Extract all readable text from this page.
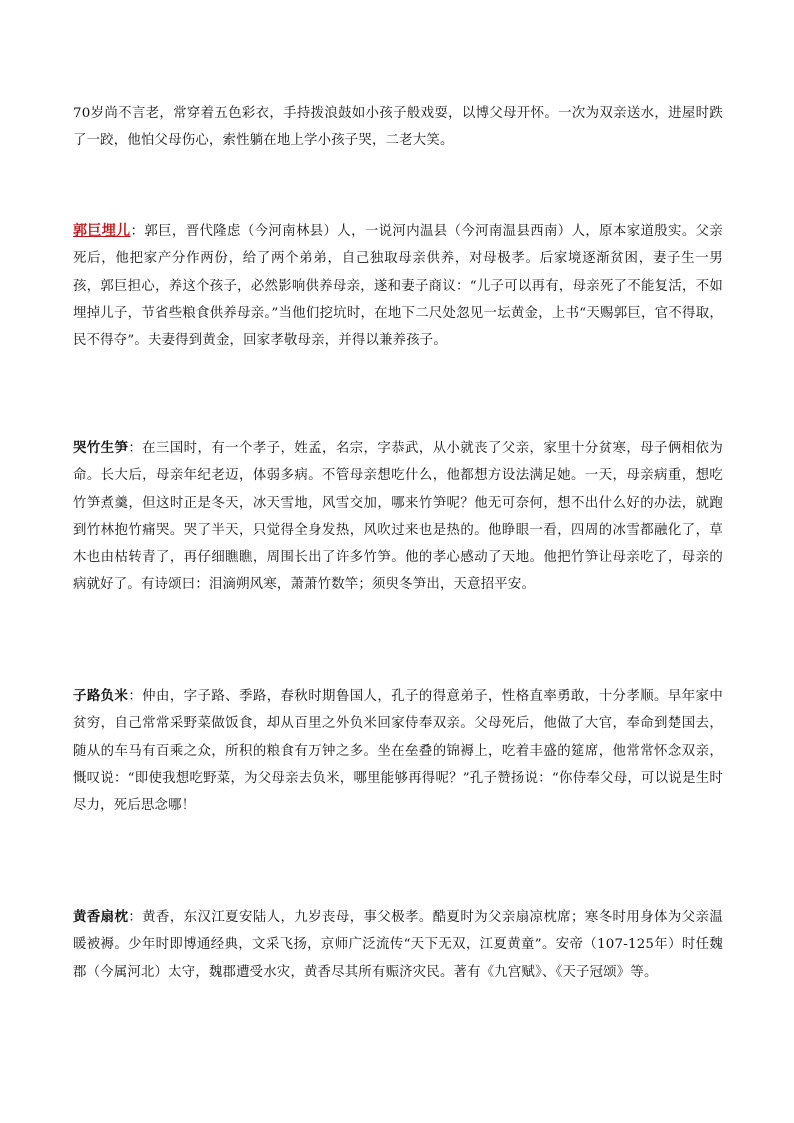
70岁尚不言老，常穿着五色彩衣，手持拨浪鼓如小孩子般戏耍，以博父母开怀。一次为双亲送水，进屋时跌了一跤，他怕父母伤心，索性躺在地上学小孩子哭，二老大笑。

郭巨埋儿：郭巨，晋代隆虑（今河南林县）人，一说河内温县（今河南温县西南）人，原本家道殷实。父亲死后，他把家产分作两份，给了两个弟弟，自己独取母亲供养，对母极孝。后家境逐渐贫困，妻子生一男孩，郭巨担心，养这个孩子，必然影响供养母亲，遂和妻子商议：“儿子可以再有，母亲死了不能复活，不如埋掉儿子，节省些粮食供养母亲。”当他们挖坑时，在地下二尺处忽见一坛黄金，上书“天赐郭巨，官不得取，民不得夺”。夫妻得到黄金，回家孝敬母亲，并得以兼养孩子。

哭竹生笋：在三国时，有一个孝子，姓孟，名宗，字恭武，从小就丧了父亲，家里十分贫寒，母子俩相依为命。长大后，母亲年纪老迈，体弱多病。不管母亲想吃什么，他都想方设法满足她。一天，母亲病重，想吃竹笋煮羹，但这时正是冬天，冰天雪地，风雪交加，哪来竹笋呢？他无可奈何，想不出什么好的办法，就跑到竹林抱竹痛哭。哭了半天，只觉得全身发热，风吹过来也是热的。他睁眼一看，四周的冰雪都融化了，草木也由枯转青了，再仔细瞧瞧，周围长出了许多竹笋。他的孝心感动了天地。他把竹笋让母亲吃了，母亲的病就好了。有诗颂曰：泪滴朔风寒，萧萧竹数竿；须臾冬笋出，天意招平安。

子路负米：仲由，字子路、季路，春秋时期鲁国人，孔子的得意弟子，性格直率勇敢，十分孝顺。早年家中贫穷，自己常常采野菜做饭食，却从百里之外负米回家侍奉双亲。父母死后，他做了大官，奉命到楚国去，随从的车马有百乘之众，所积的粮食有万钟之多。坐在垒叠的锦褥上，吃着丰盛的筵席，他常常怀念双亲，慨叹说：“即使我想吃野菜，为父母亲去负米，哪里能够再得呢？”孔子赞扬说：“你侍奉父母，可以说是生时尽力，死后思念哪！

黄香扇枕：黄香，东汉江夏安陆人，九岁丧母，事父极孝。酷夏时为父亲扇凉枕席；寒冬时用身体为父亲温暖被褥。少年时即博通经典，文采飞扬，京师广泛流传“天下无双，江夏黄童”。安帝（107-125年）时任魏郡（今属河北）太守，魏郡遭受水灾，黄香尽其所有赈济灾民。著有《九宫赋》、《天子冠颂》等。
